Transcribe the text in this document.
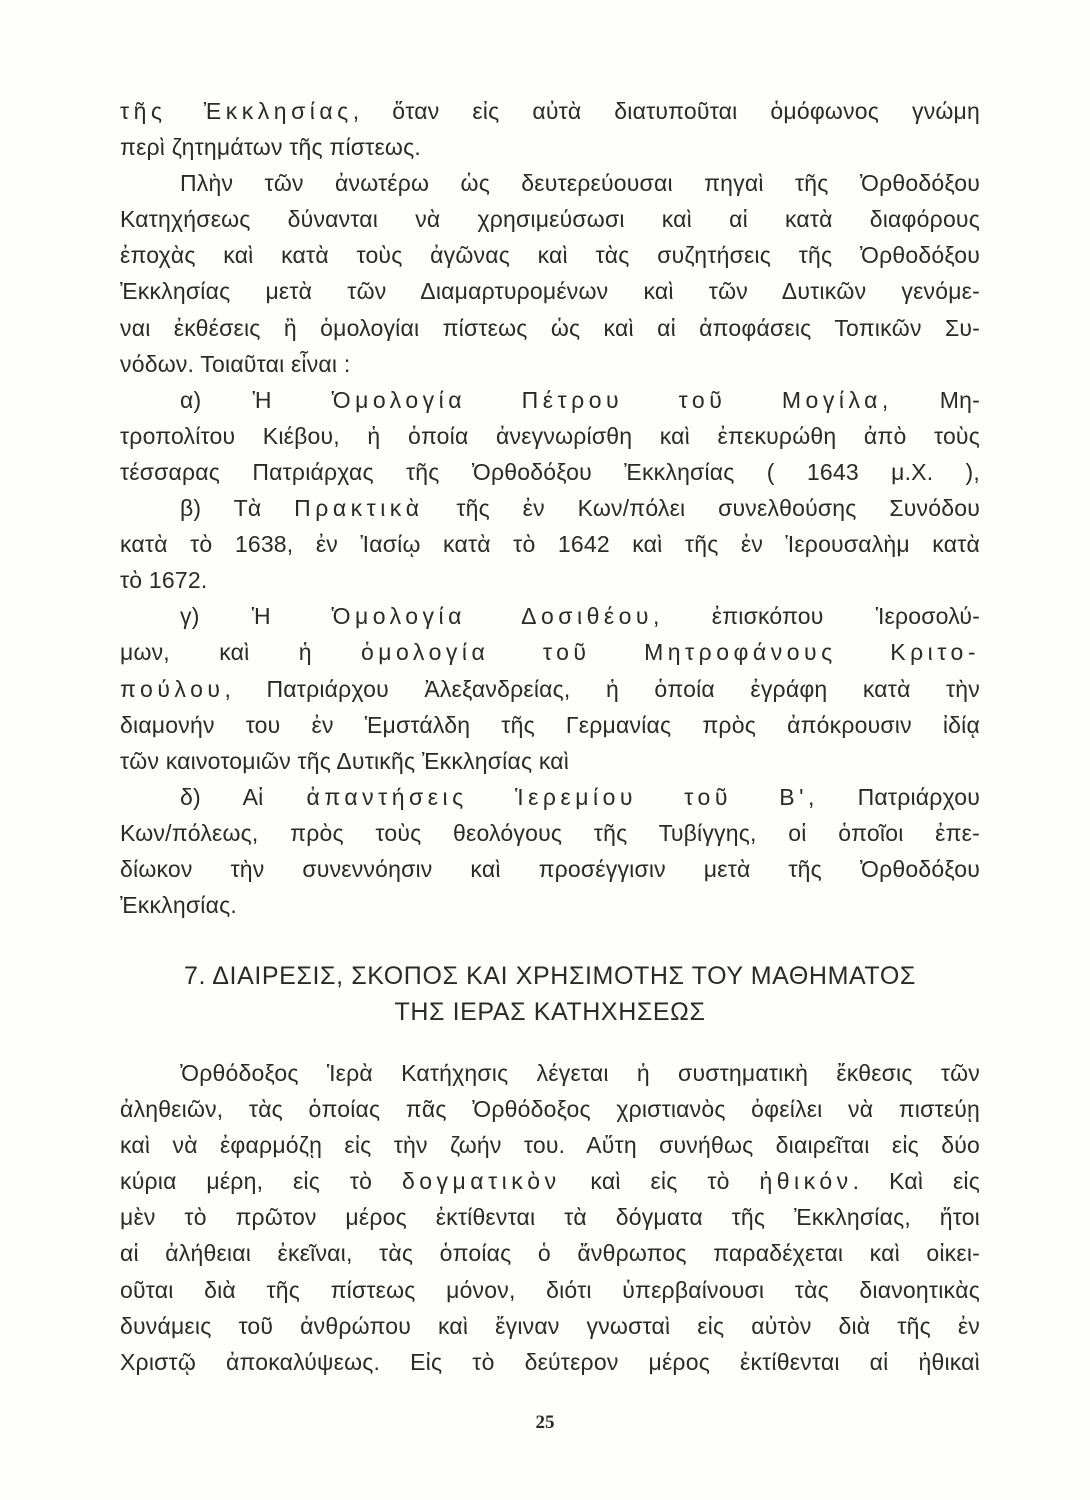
τῆς Ἐκκλησίας, ὅταν εἰς αὐτὰ διατυποῦται ὁμόφωνος γνώμη
περὶ ζητημάτων τῆς πίστεως.
Πλὴν τῶν ἀνωτέρω ὡς δευτερεύουσαι πηγαὶ τῆς Ὀρθοδόξου
Κατηχήσεως δύνανται νὰ χρησιμεύσωσι καὶ αἱ κατὰ διαφόρους
ἐποχὰς καὶ κατὰ τοὺς ἀγῶνας καὶ τὰς συζητήσεις τῆς Ὀρθοδόξου
Ἐκκλησίας μετὰ τῶν Διαμαρτυρομένων καὶ τῶν Δυτικῶν γενόμε-
ναι ἐκθέσεις ἢ ὁμολογίαι πίστεως ὡς καὶ αἱ ἀποφάσεις Τοπικῶν Συ-
νόδων. Τοιαῦται εἶναι :
α) Ἡ Ὁμολογία Πέτρου τοῦ Μογίλα, Μη-
τροπολίτου Κιέβου, ἡ ὁποία ἀνεγνωρίσθη καὶ ἐπεκυρώθη ἀπὸ τοὺς
τέσσαρας Πατριάρχας τῆς Ὀρθοδόξου Ἐκκλησίας ( 1643 μ.Χ. ),
β) Τὰ Πρακτικὰ τῆς ἐν Κων/πόλει συνελθούσης Συνόδου
κατὰ τὸ 1638, ἐν Ἰασίῳ κατὰ τὸ 1642 καὶ τῆς ἐν Ἱερουσαλὴμ κατὰ
τὸ 1672.
γ) Ἡ Ὁμολογία Δοσιθέου, ἐπισκόπου Ἱεροσολύ-
μων, καὶ ἡ ὁμολογία τοῦ Μητροφάνους Κριτο-
πούλου, Πατριάρχου Ἀλεξανδρείας, ἡ ὁποία ἐγράφη κατὰ τὴν
διαμονήν του ἐν Ἑμστάλδη τῆς Γερμανίας πρὸς ἀπόκρουσιν ἰδίᾳ
τῶν καινοτομιῶν τῆς Δυτικῆς Ἐκκλησίας καὶ
δ) Αἱ ἀπαντήσεις Ἱερεμίου τοῦ Β', Πατριάρχου
Κων/πόλεως, πρὸς τοὺς θεολόγους τῆς Τυβίγγης, οἱ ὁποῖοι ἐπε-
δίωκον τὴν συνεννόησιν καὶ προσέγγισιν μετὰ τῆς Ὀρθοδόξου
Ἐκκλησίας.
7. ΔΙΑΙΡΕΣΙΣ, ΣΚΟΠΟΣ ΚΑΙ ΧΡΗΣΙΜΟΤΗΣ ΤΟΥ ΜΑΘΗΜΑΤΟΣ
ΤΗΣ ΙΕΡΑΣ ΚΑΤΗΧΗΣΕΩΣ
Ὀρθόδοξος Ἱερὰ Κατήχησις λέγεται ἡ συστηματικὴ ἔκθεσις τῶν
ἀληθειῶν, τὰς ὁποίας πᾶς Ὀρθόδοξος χριστιανὸς ὀφείλει νὰ πιστεύῃ
καὶ νὰ ἐφαρμόζῃ εἰς τὴν ζωήν του. Αὕτη συνήθως διαιρεῖται εἰς δύο
κύρια μέρη, εἰς τὸ δογματικὸν καὶ εἰς τὸ ἠθικόν. Καὶ εἰς
μὲν τὸ πρῶτον μέρος ἐκτίθενται τὰ δόγματα τῆς Ἐκκλησίας, ἤτοι
αἱ ἀλήθειαι ἐκεῖναι, τὰς ὁποίας ὁ ἄνθρωπος παραδέχεται καὶ οἰκει-
οῦται διὰ τῆς πίστεως μόνον, διότι ὑπερβαίνουσι τὰς διανοητικὰς
δυνάμεις τοῦ ἀνθρώπου καὶ ἔγιναν γνωσταὶ εἰς αὐτὸν διὰ τῆς ἐν
Χριστῷ ἀποκαλύψεως. Εἰς τὸ δεύτερον μέρος ἐκτίθενται αἱ ἠθικαὶ
25
